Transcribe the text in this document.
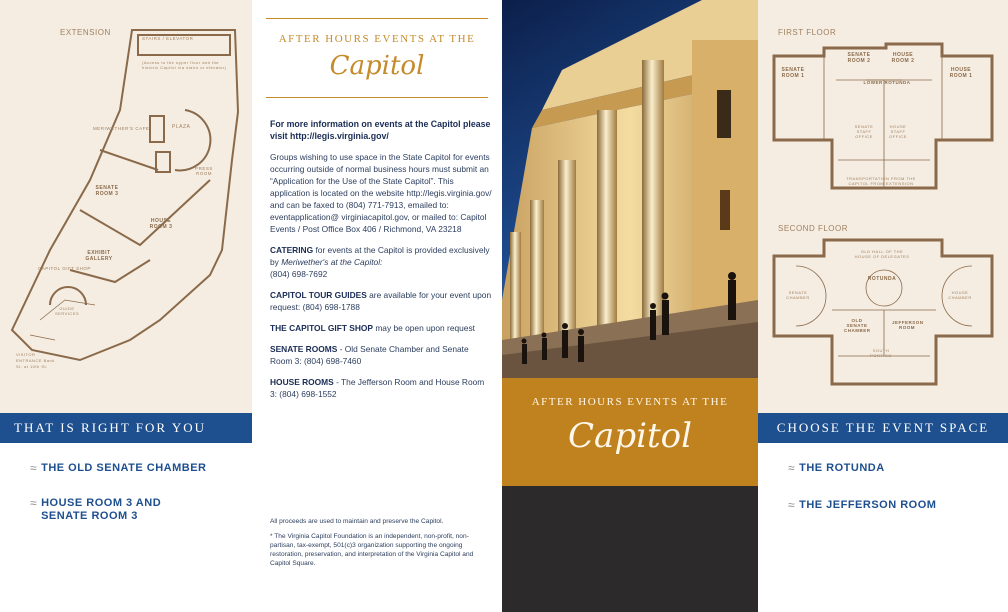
EXTENSION
STAIRS / ELEVATOR
(Access to the upper floor and the historic Capitol via stairs or elevator)
PLAZA
MERIWETHER'S CAFE
PRESS ROOM
SENATE ROOM 3
HOUSE ROOM 3
EXHIBIT GALLERY
CAPITOL GIFT SHOP
GUIDE SERVICES
VISITOR ENTRANCE Bank St. at 10th St.
THAT IS RIGHT FOR YOU
≈ THE OLD SENATE CHAMBER
≈ HOUSE ROOM 3 AND
SENATE ROOM 3
AFTER HOURS EVENTS AT THE
Capitol

For more information on events at the Capitol please visit http://legis.virginia.gov/

Groups wishing to use space in the State Capitol for events occurring outside of normal business hours must submit an “Application for the Use of the State Capitol”. This application is located on the website http://legis.virginia.gov/ and can be faxed to (804) 771-7913, emailed to: eventapplication@ virginiacapitol.gov, or mailed to: Capitol Events / Post Office Box 406 / Richmond, VA 23218

CATERING for events at the Capitol is provided exclusively by Meriwether's at the Capitol:
(804) 698-7692

CAPITOL TOUR GUIDES are available for your event upon request: (804) 698-1788

THE CAPITOL GIFT SHOP may be open upon request

SENATE ROOMS - Old Senate Chamber and Senate Room 3: (804) 698-7460

HOUSE ROOMS - The Jefferson Room and House Room 3: (804) 698-1552

All proceeds are used to maintain and preserve the Capitol.

* The Virginia Capitol Foundation is an independent, non-profit, non-partisan, tax-exempt, 501(c)3 organization supporting the ongoing restoration, preservation, and interpretation of the Virginia Capitol and Capitol Square.

AFTER HOURS EVENTS AT THE
Capitol
FIRST FLOOR
SENATE ROOM 1
SENATE ROOM 2
HOUSE ROOM 2
HOUSE ROOM 1
LOWER ROTUNDA
SENATE STAFF OFFICE
HOUSE STAFF OFFICE
TRANSPORTATION FROM THE CAPITOL FROM EXTENSION
SECOND FLOOR
OLD HALL OF THE HOUSE OF DELEGATES
ROTUNDA
SENATE CHAMBER
HOUSE CHAMBER
OLD SENATE CHAMBER
JEFFERSON ROOM
SOUTH PORTICO
CHOOSE THE EVENT SPACE
≈ THE ROTUNDA
≈ THE JEFFERSON ROOM
